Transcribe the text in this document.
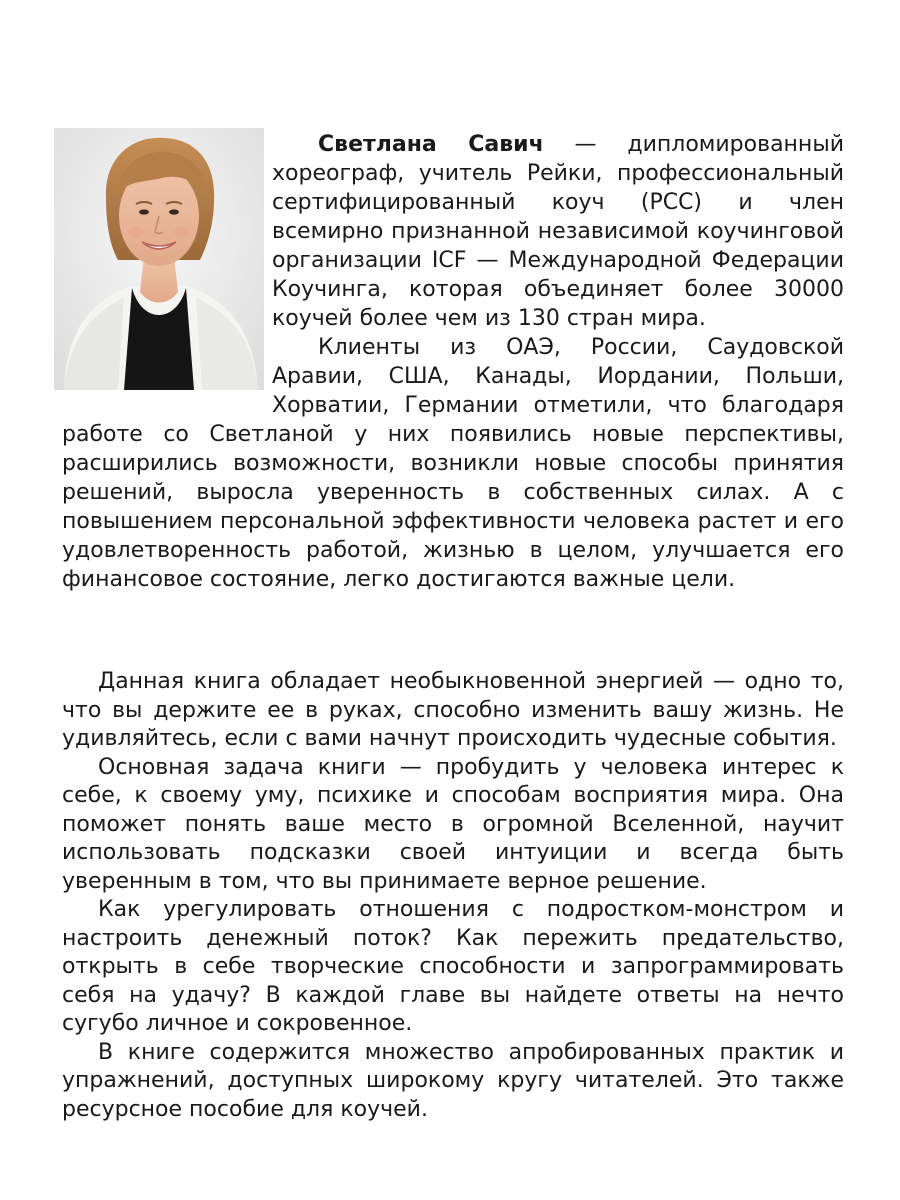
Светлана Савич — дипломированный хореограф, учитель Рейки, профессиональный сертифицированный коуч (PCC) и член всемирно признанной независимой коучинговой организации ICF — Международной Федерации Коучинга, которая объединяет более 30000 коучей более чем из 130 стран мира.

Клиенты из ОАЭ, России, Саудовской Аравии, США, Канады, Иордании, Польши, Хорватии, Германии отметили, что благодаря работе со Светланой у них появились новые перспективы, расширились возможности, возникли новые способы принятия решений, выросла уверенность в собственных силах. А с повышением персональной эффективности человека растет и его удовлетворенность работой, жизнью в целом, улучшается его финансовое состояние, легко достигаются важные цели.

Данная книга обладает необыкновенной энергией — одно то, что вы держите ее в руках, способно изменить вашу жизнь. Не удивляйтесь, если с вами начнут происходить чудесные события.

Основная задача книги — пробудить у человека интерес к себе, к своему уму, психике и способам восприятия мира. Она поможет понять ваше место в огромной Вселенной, научит использовать подсказки своей интуиции и всегда быть уверенным в том, что вы принимаете верное решение.

Как урегулировать отношения с подростком-монстром и настроить денежный поток? Как пережить предательство, открыть в себе творческие способности и запрограммировать себя на удачу? В каждой главе вы найдете ответы на нечто сугубо личное и сокровенное.

В книге содержится множество апробированных практик и упражнений, доступных широкому кругу читателей. Это также ресурсное пособие для коучей.
